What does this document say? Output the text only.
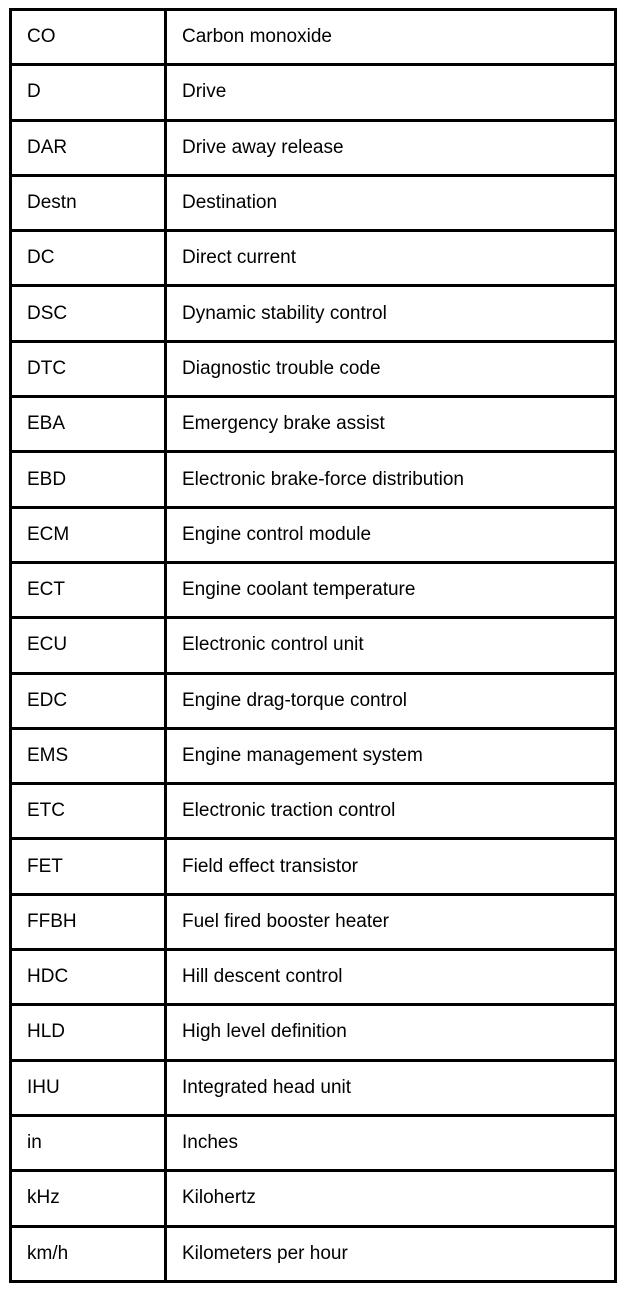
CO	Carbon monoxide
D	Drive
DAR	Drive away release
Destn	Destination
DC	Direct current
DSC	Dynamic stability control
DTC	Diagnostic trouble code
EBA	Emergency brake assist
EBD	Electronic brake-force distribution
ECM	Engine control module
ECT	Engine coolant temperature
ECU	Electronic control unit
EDC	Engine drag-torque control
EMS	Engine management system
ETC	Electronic traction control
FET	Field effect transistor
FFBH	Fuel fired booster heater
HDC	Hill descent control
HLD	High level definition
IHU	Integrated head unit
in	Inches
kHz	Kilohertz
km/h	Kilometers per hour
